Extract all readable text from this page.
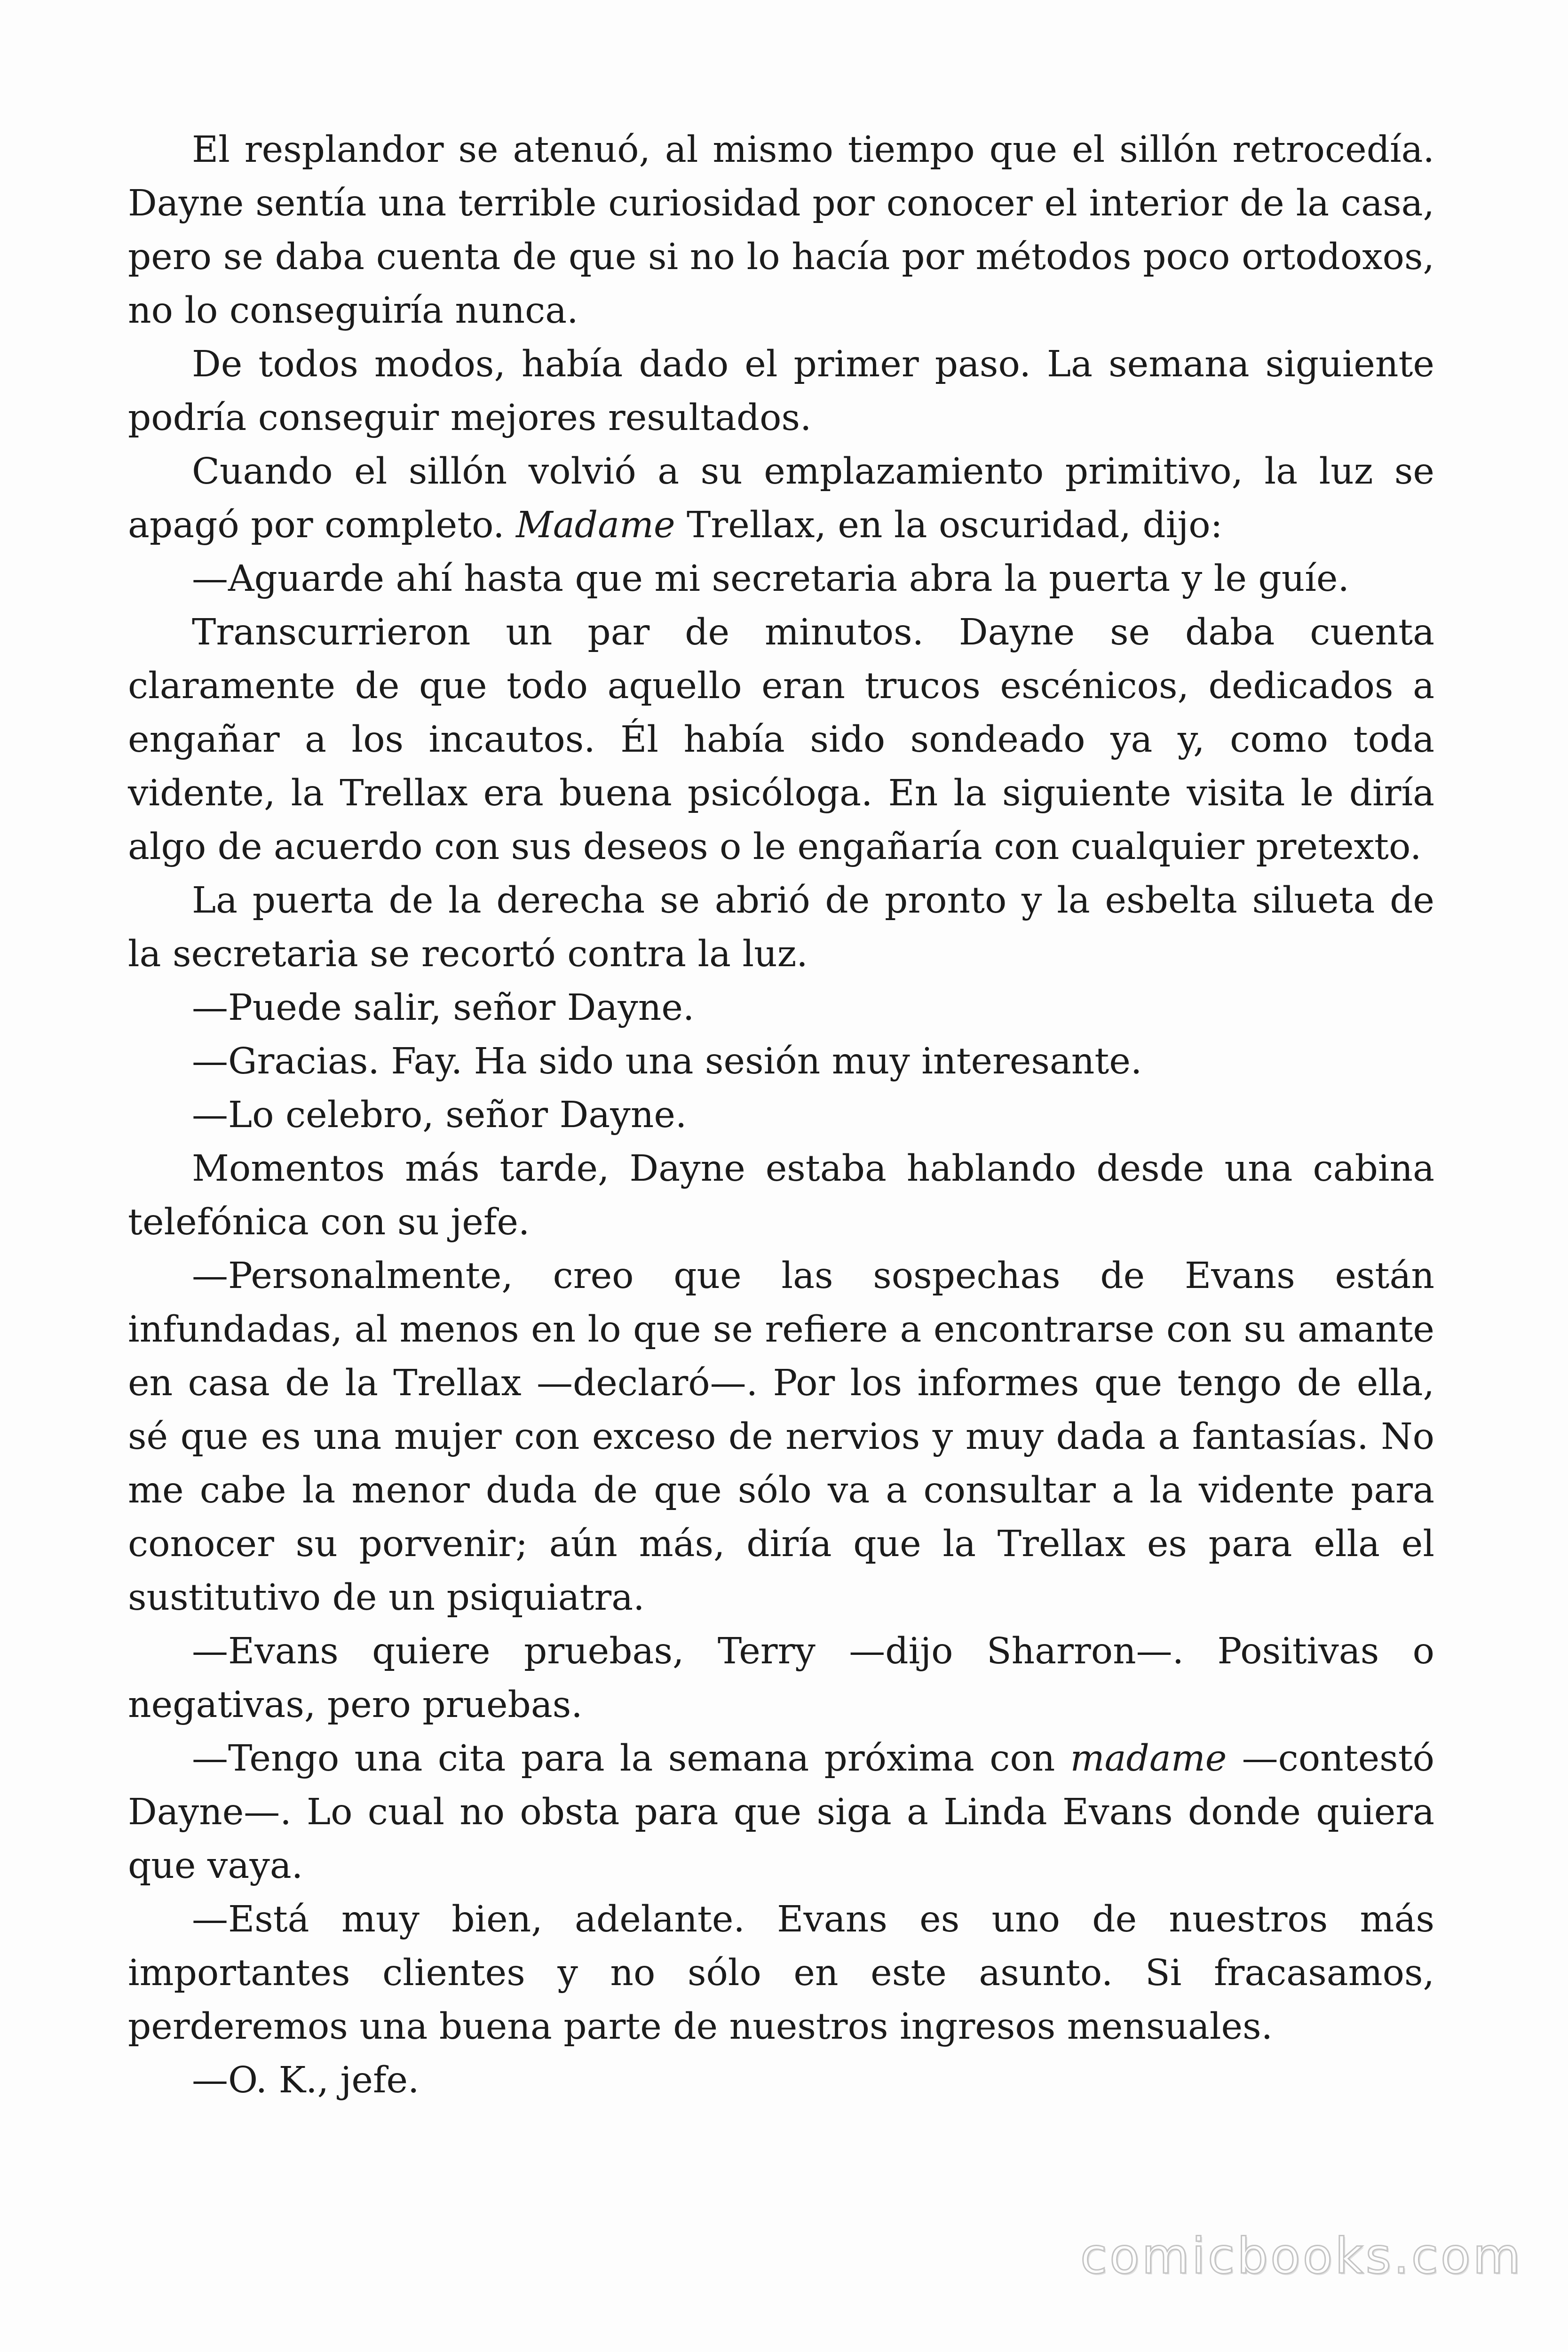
El resplandor se atenuó, al mismo tiempo que el sillón retrocedía. Dayne sentía una terrible curiosidad por conocer el interior de la casa, pero se daba cuenta de que si no lo hacía por métodos poco ortodoxos, no lo conseguiría nunca.

De todos modos, había dado el primer paso. La semana siguiente podría conseguir mejores resultados.

Cuando el sillón volvió a su emplazamiento primitivo, la luz se apagó por completo. Madame Trellax, en la oscuridad, dijo:

—Aguarde ahí hasta que mi secretaria abra la puerta y le guíe.

Transcurrieron un par de minutos. Dayne se daba cuenta claramente de que todo aquello eran trucos escénicos, dedicados a engañar a los incautos. Él había sido sondeado ya y, como toda vidente, la Trellax era buena psicóloga. En la siguiente visita le diría algo de acuerdo con sus deseos o le engañaría con cualquier pretexto.

La puerta de la derecha se abrió de pronto y la esbelta silueta de la secretaria se recortó contra la luz.

—Puede salir, señor Dayne.

—Gracias. Fay. Ha sido una sesión muy interesante.

—Lo celebro, señor Dayne.

Momentos más tarde, Dayne estaba hablando desde una cabina telefónica con su jefe.

—Personalmente, creo que las sospechas de Evans están infundadas, al menos en lo que se refiere a encontrarse con su amante en casa de la Trellax —declaró—. Por los informes que tengo de ella, sé que es una mujer con exceso de nervios y muy dada a fantasías. No me cabe la menor duda de que sólo va a consultar a la vidente para conocer su porvenir; aún más, diría que la Trellax es para ella el sustitutivo de un psiquiatra.

—Evans quiere pruebas, Terry —dijo Sharron—. Positivas o negativas, pero pruebas.

—Tengo una cita para la semana próxima con madame —contestó Dayne—. Lo cual no obsta para que siga a Linda Evans donde quiera que vaya.

—Está muy bien, adelante. Evans es uno de nuestros más importantes clientes y no sólo en este asunto. Si fracasamos, perderemos una buena parte de nuestros ingresos mensuales.

—O. K., jefe.

comicbooks.com
